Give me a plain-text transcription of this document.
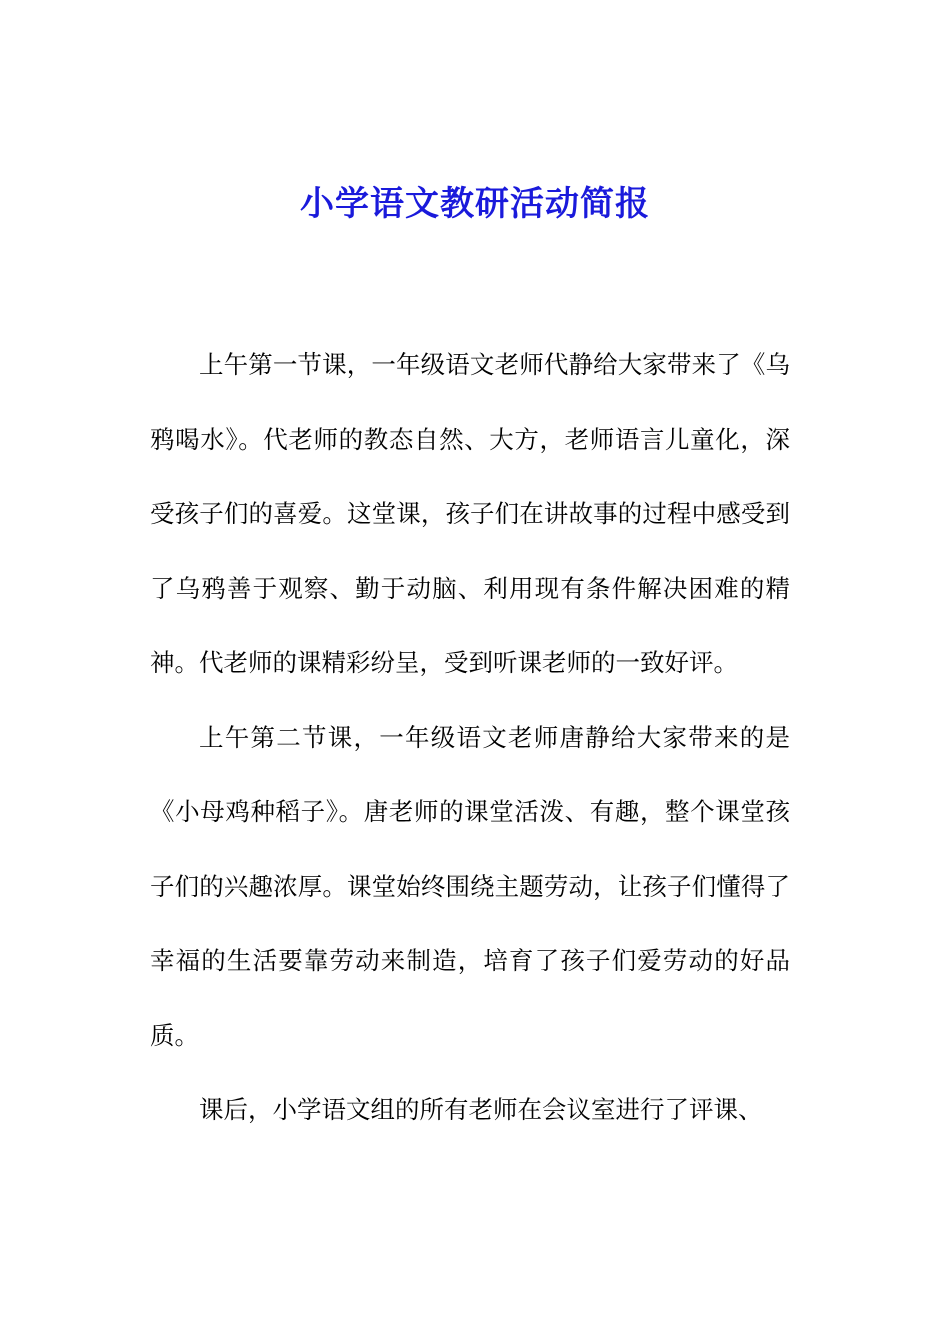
小学语文教研活动简报

上午第一节课，一年级语文老师代静给大家带来了《乌鸦喝水》。代老师的教态自然、大方，老师语言儿童化，深受孩子们的喜爱。这堂课，孩子们在讲故事的过程中感受到了乌鸦善于观察、勤于动脑、利用现有条件解决困难的精神。代老师的课精彩纷呈，受到听课老师的一致好评。

上午第二节课，一年级语文老师唐静给大家带来的是《小母鸡种稻子》。唐老师的课堂活泼、有趣，整个课堂孩子们的兴趣浓厚。课堂始终围绕主题劳动，让孩子们懂得了幸福的生活要靠劳动来制造，培育了孩子们爱劳动的好品质。

课后，小学语文组的所有老师在会议室进行了评课、
